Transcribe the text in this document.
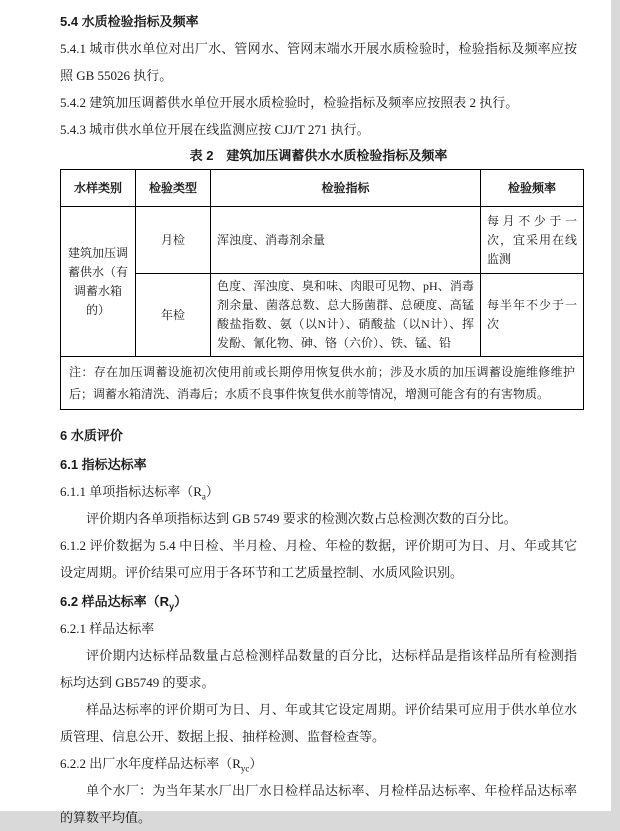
5.4 水质检验指标及频率

5.4.1 城市供水单位对出厂水、管网水、管网末端水开展水质检验时，检验指标及频率应按照 GB 55026 执行。

5.4.2 建筑加压调蓄供水单位开展水质检验时，检验指标及频率应按照表 2 执行。

5.4.3 城市供水单位开展在线监测应按 CJJ/T 271 执行。

表 2　建筑加压调蓄供水水质检验指标及频率
水样类别	检验类型	检验指标	检验频率
建筑加压调蓄供水（有调蓄水箱的）	月检	浑浊度、消毒剂余量	每月不少于一次，宜采用在线监测
	年检	色度、浑浊度、臭和味、肉眼可见物、pH、消毒剂余量、菌落总数、总大肠菌群、总硬度、高锰酸盐指数、氨（以N计）、硝酸盐（以N计）、挥发酚、氰化物、砷、铬（六价）、铁、锰、铅	每半年不少于一次
注：存在加压调蓄设施初次使用前或长期停用恢复供水前；涉及水质的加压调蓄设施维修维护后；调蓄水箱清洗、消毒后；水质不良事件恢复供水前等情况，增测可能含有的有害物质。			
6 水质评价
6.1 指标达标率

6.1.1 单项指标达标率$(R_a)$

评价期内各单项指标达到 GB 5749 要求的检测次数占总检测次数的百分比。

6.1.2 评价数据为 5.4 中日检、半月检、月检、年检的数据，评价期可为日、月、年或其它设定周期。评价结果可应用于各环节和工艺质量控制、水质风险识别。

6.2 样品达标率$(R_y)$

6.2.1 样品达标率

评价期内达标样品数量占总检测样品数量的百分比，达标样品是指该样品所有检测指标均达到 GB5749 的要求。

样品达标率的评价期可为日、月、年或其它设定周期。评价结果可应用于供水单位水质管理、信息公开、数据上报、抽样检测、监督检查等。

6.2.2 出厂水年度样品达标率$(R_{yc})$

单个水厂：为当年某水厂出厂水日检样品达标率、月检样品达标率、年检样品达标率的算数平均值。
